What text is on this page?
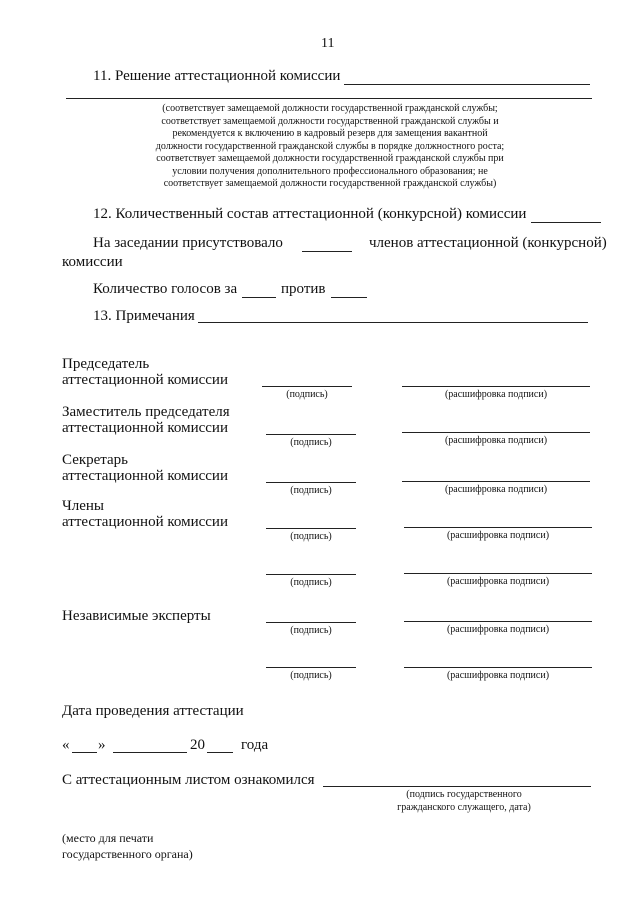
11
11. Решение аттестационной комиссии
(соответствует замещаемой должности государственной гражданской службы;
соответствует замещаемой должности государственной гражданской службы и
рекомендуется к включению в кадровый резерв для замещения вакантной
должности государственной гражданской службы в порядке должностного роста;
соответствует замещаемой должности государственной гражданской службы при
условии получения дополнительного профессионального образования; не
соответствует замещаемой должности государственной гражданской службы)
12. Количественный состав аттестационной (конкурсной) комиссии
На заседании присутствовало	членов аттестационной (конкурсной)
комиссии
Количество голосов за	против
13. Примечания
Председатель
аттестационной комиссии
(подпись)	(расшифровка подписи)
Заместитель председателя
аттестационной комиссии
(подпись)	(расшифровка подписи)
Секретарь
аттестационной комиссии
(подпись)	(расшифровка подписи)
Члены
аттестационной комиссии
(подпись)	(расшифровка подписи)
(подпись)	(расшифровка подписи)
Независимые эксперты
(подпись)	(расшифровка подписи)
(подпись)	(расшифровка подписи)
Дата проведения аттестации
« »	20 года
С аттестационным листом ознакомился
(подпись государственного
гражданского служащего, дата)
(место для печати
государственного органа)
